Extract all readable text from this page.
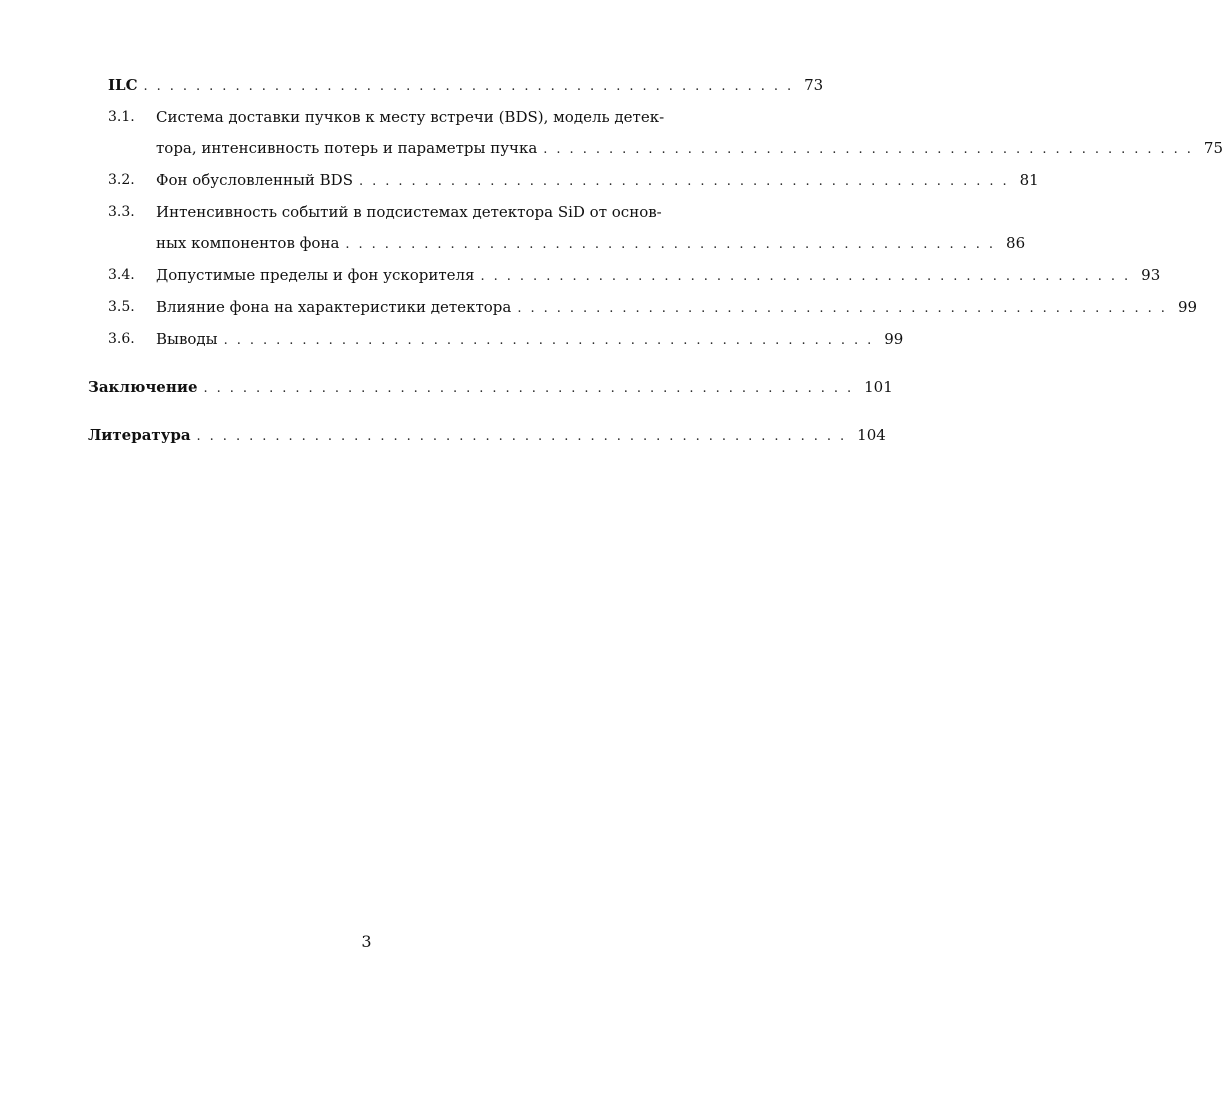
ILC .................................................. 73
3.1.	Система доставки пучков к месту встречи (BDS), модель детек-
тора, интенсивность потерь и параметры пучка .................................................. 75
3.2.	Фон обусловленный BDS .................................................. 81
3.3.	Интенсивность событий в подсистемах детектора SiD от основ-
ных компонентов фона .................................................. 86
3.4.	Допустимые пределы и фон ускорителя .................................................. 93
3.5.	Влияние фона на характеристики детектора .................................................. 99
3.6.	Выводы .................................................. 99
Заключение .................................................. 101
Литература .................................................. 104
3
